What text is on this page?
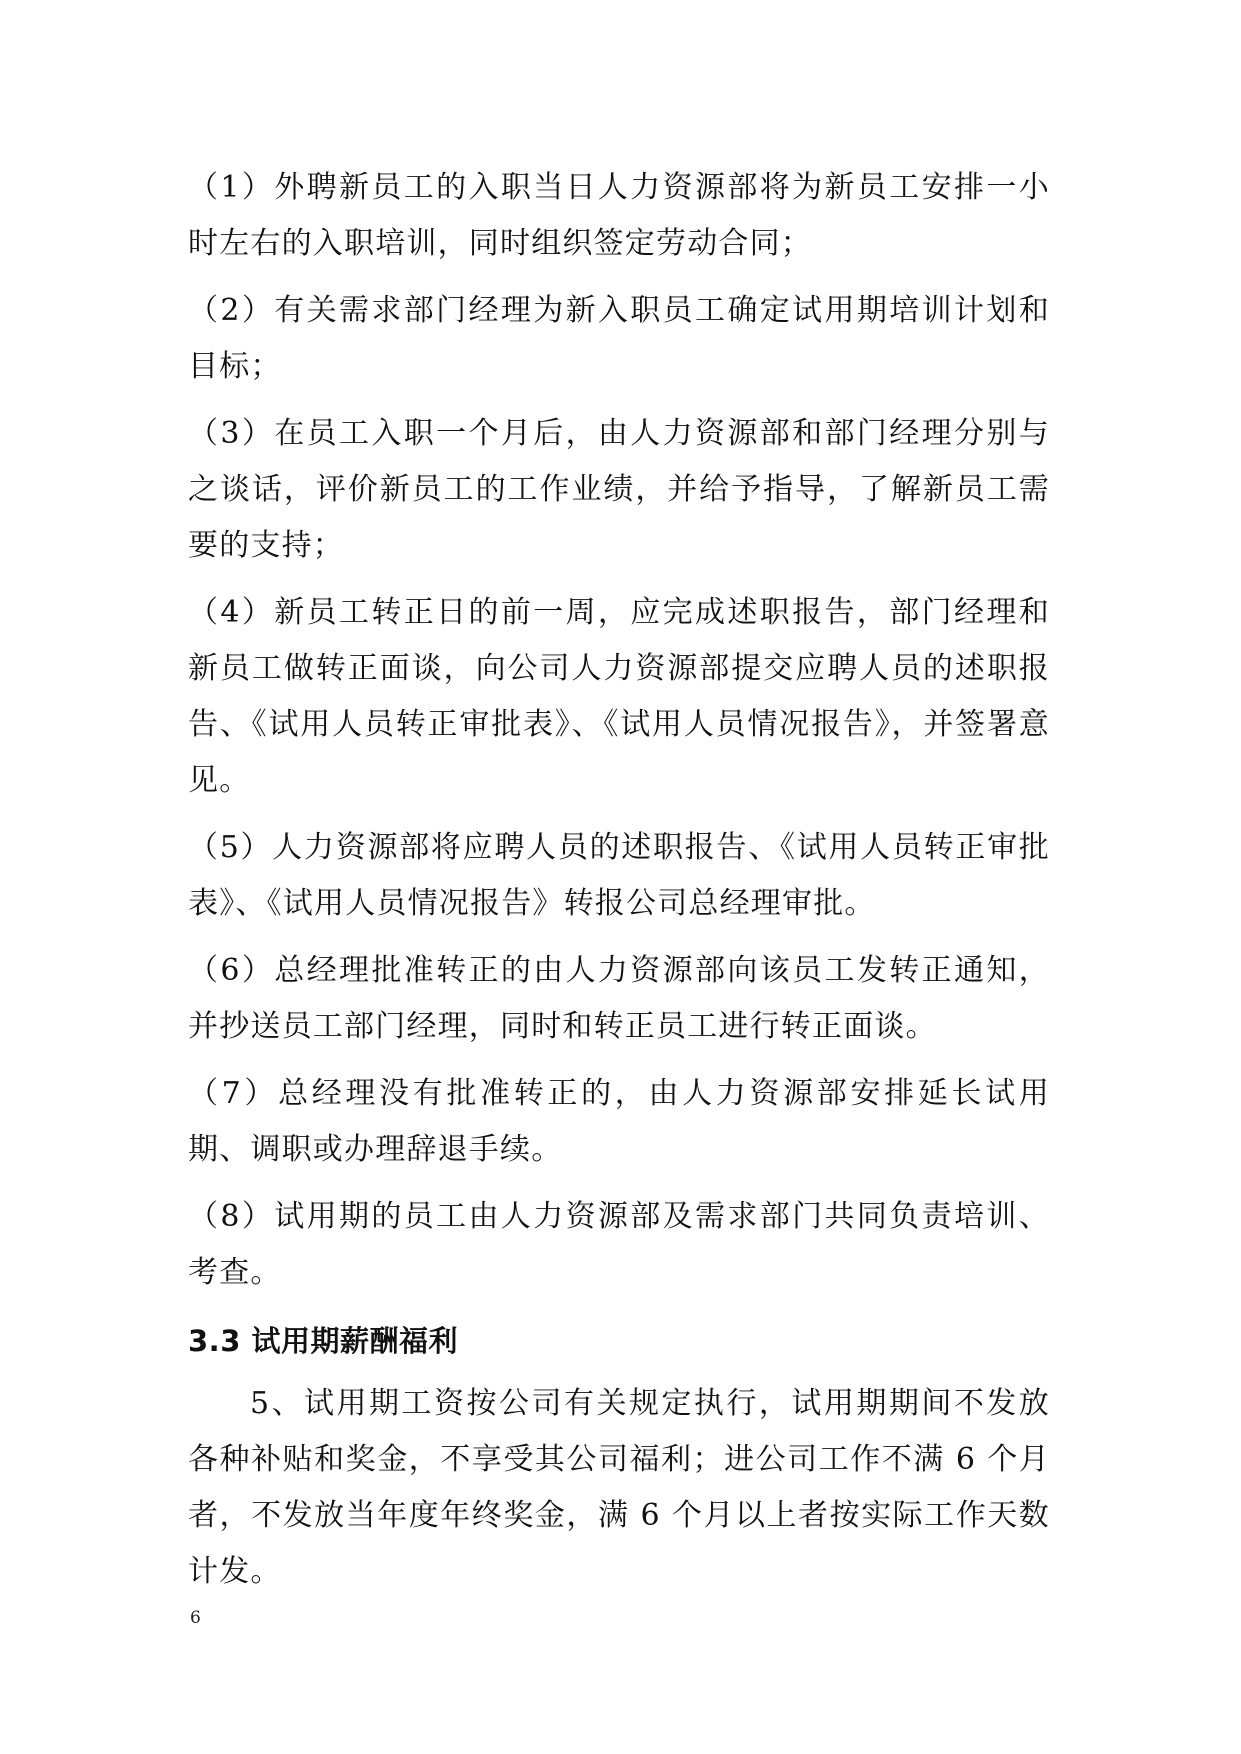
（1）外聘新员工的入职当日人力资源部将为新员工安排一小时左右的入职培训，同时组织签定劳动合同；

（2）有关需求部门经理为新入职员工确定试用期培训计划和目标；

（3）在员工入职一个月后，由人力资源部和部门经理分别与之谈话，评价新员工的工作业绩，并给予指导，了解新员工需要的支持；

（4）新员工转正日的前一周，应完成述职报告，部门经理和新员工做转正面谈，向公司人力资源部提交应聘人员的述职报告、《试用人员转正审批表》、《试用人员情况报告》，并签署意见。

（5）人力资源部将应聘人员的述职报告、《试用人员转正审批表》、《试用人员情况报告》转报公司总经理审批。

（6）总经理批准转正的由人力资源部向该员工发转正通知，并抄送员工部门经理，同时和转正员工进行转正面谈。

（7）总经理没有批准转正的，由人力资源部安排延长试用期、调职或办理辞退手续。

（8）试用期的员工由人力资源部及需求部门共同负责培训、考查。

3.3 试用期薪酬福利

5、试用期工资按公司有关规定执行，试用期期间不发放各种补贴和奖金，不享受其公司福利；进公司工作不满 6 个月者，不发放当年度年终奖金，满 6 个月以上者按实际工作天数计发。

6
